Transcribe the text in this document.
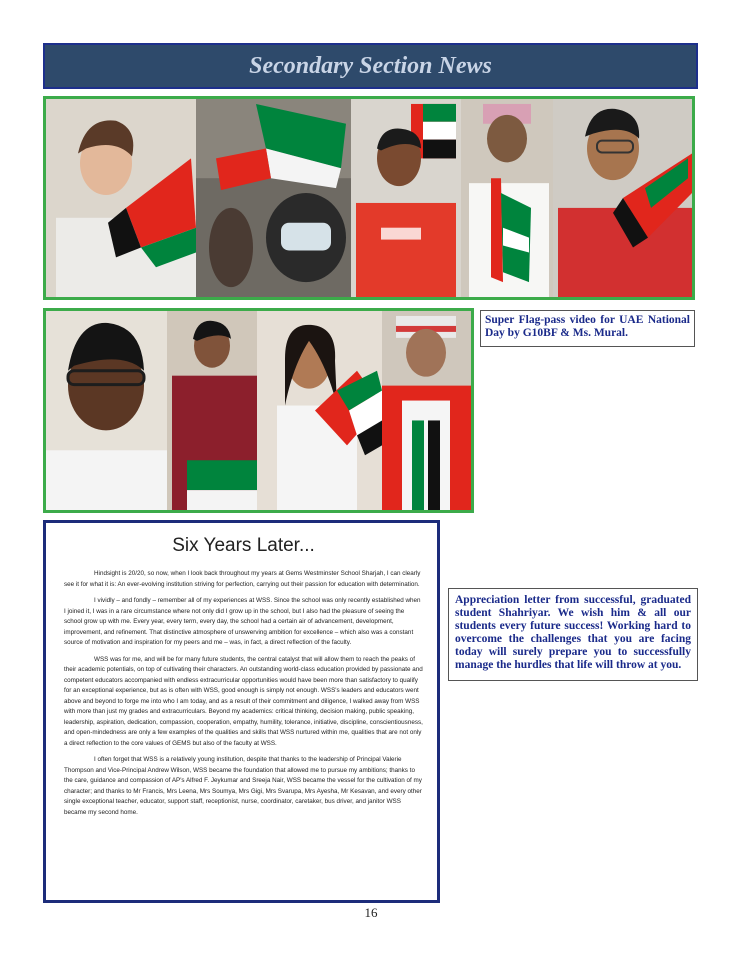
Secondary Section News
Super Flag-pass video for UAE National Day by G10BF & Ms. Mural.
Six Years Later...

Hindsight is 20/20, so now, when I look back throughout my years at Gems Westminster School Sharjah, I can clearly see it for what it is: An ever-evolving institution striving for perfection, carrying out their passion for education with determination.

I vividly – and fondly – remember all of my experiences at WSS. Since the school was only recently established when I joined it, I was in a rare circumstance where not only did I grow up in the school, but I also had the pleasure of seeing the school grow up with me. Every year, every term, every day, the school had a certain air of advancement, development, improvement, and refinement. That distinctive atmosphere of unswerving ambition for excellence – which also was a constant source of motivation and inspiration for my peers and me – was, in fact, a direct reflection of the faculty.

WSS was for me, and will be for many future students, the central catalyst that will allow them to reach the peaks of their academic potentials, on top of cultivating their characters. An outstanding world-class education provided by passionate and competent educators accompanied with endless extracurricular opportunities would have been more than satisfactory to qualify for an exceptional experience, but as is often with WSS, good enough is simply not enough. WSS's leaders and educators went above and beyond to forge me into who I am today, and as a result of their commitment and diligence, I walked away from WSS with more than just my grades and extracurriculars. Beyond my academics: critical thinking, decision making, public speaking, leadership, aspiration, dedication, compassion, cooperation, empathy, humility, tolerance, initiative, discipline, conscientiousness, and open-mindedness are only a few examples of the qualities and skills that WSS nurtured within me, qualities that are not only a direct reflection to the core values of GEMS but also of the faculty at WSS.

I often forget that WSS is a relatively young institution, despite that thanks to the leadership of Principal Valerie Thompson and Vice-Principal Andrew Wilson, WSS became the foundation that allowed me to pursue my ambitions; thanks to the care, guidance and compassion of AP's Alfred F. Jeykumar and Sreeja Nair, WSS became the vessel for the cultivation of my character; and thanks to Mr Francis, Mrs Leena, Mrs Soumya, Mrs Gigi, Mrs Svarupa, Mrs Ayesha, Mr Kesavan, and every other single exceptional teacher, educator, support staff, receptionist, nurse, coordinator, caretaker, bus driver, and janitor WSS became my second home.

Appreciation letter from successful, graduated student Shahriyar. We wish him & all our students every future success! Working hard to overcome the challenges that you are facing today will surely prepare you to successfully manage the hurdles that life will throw at you.
16
